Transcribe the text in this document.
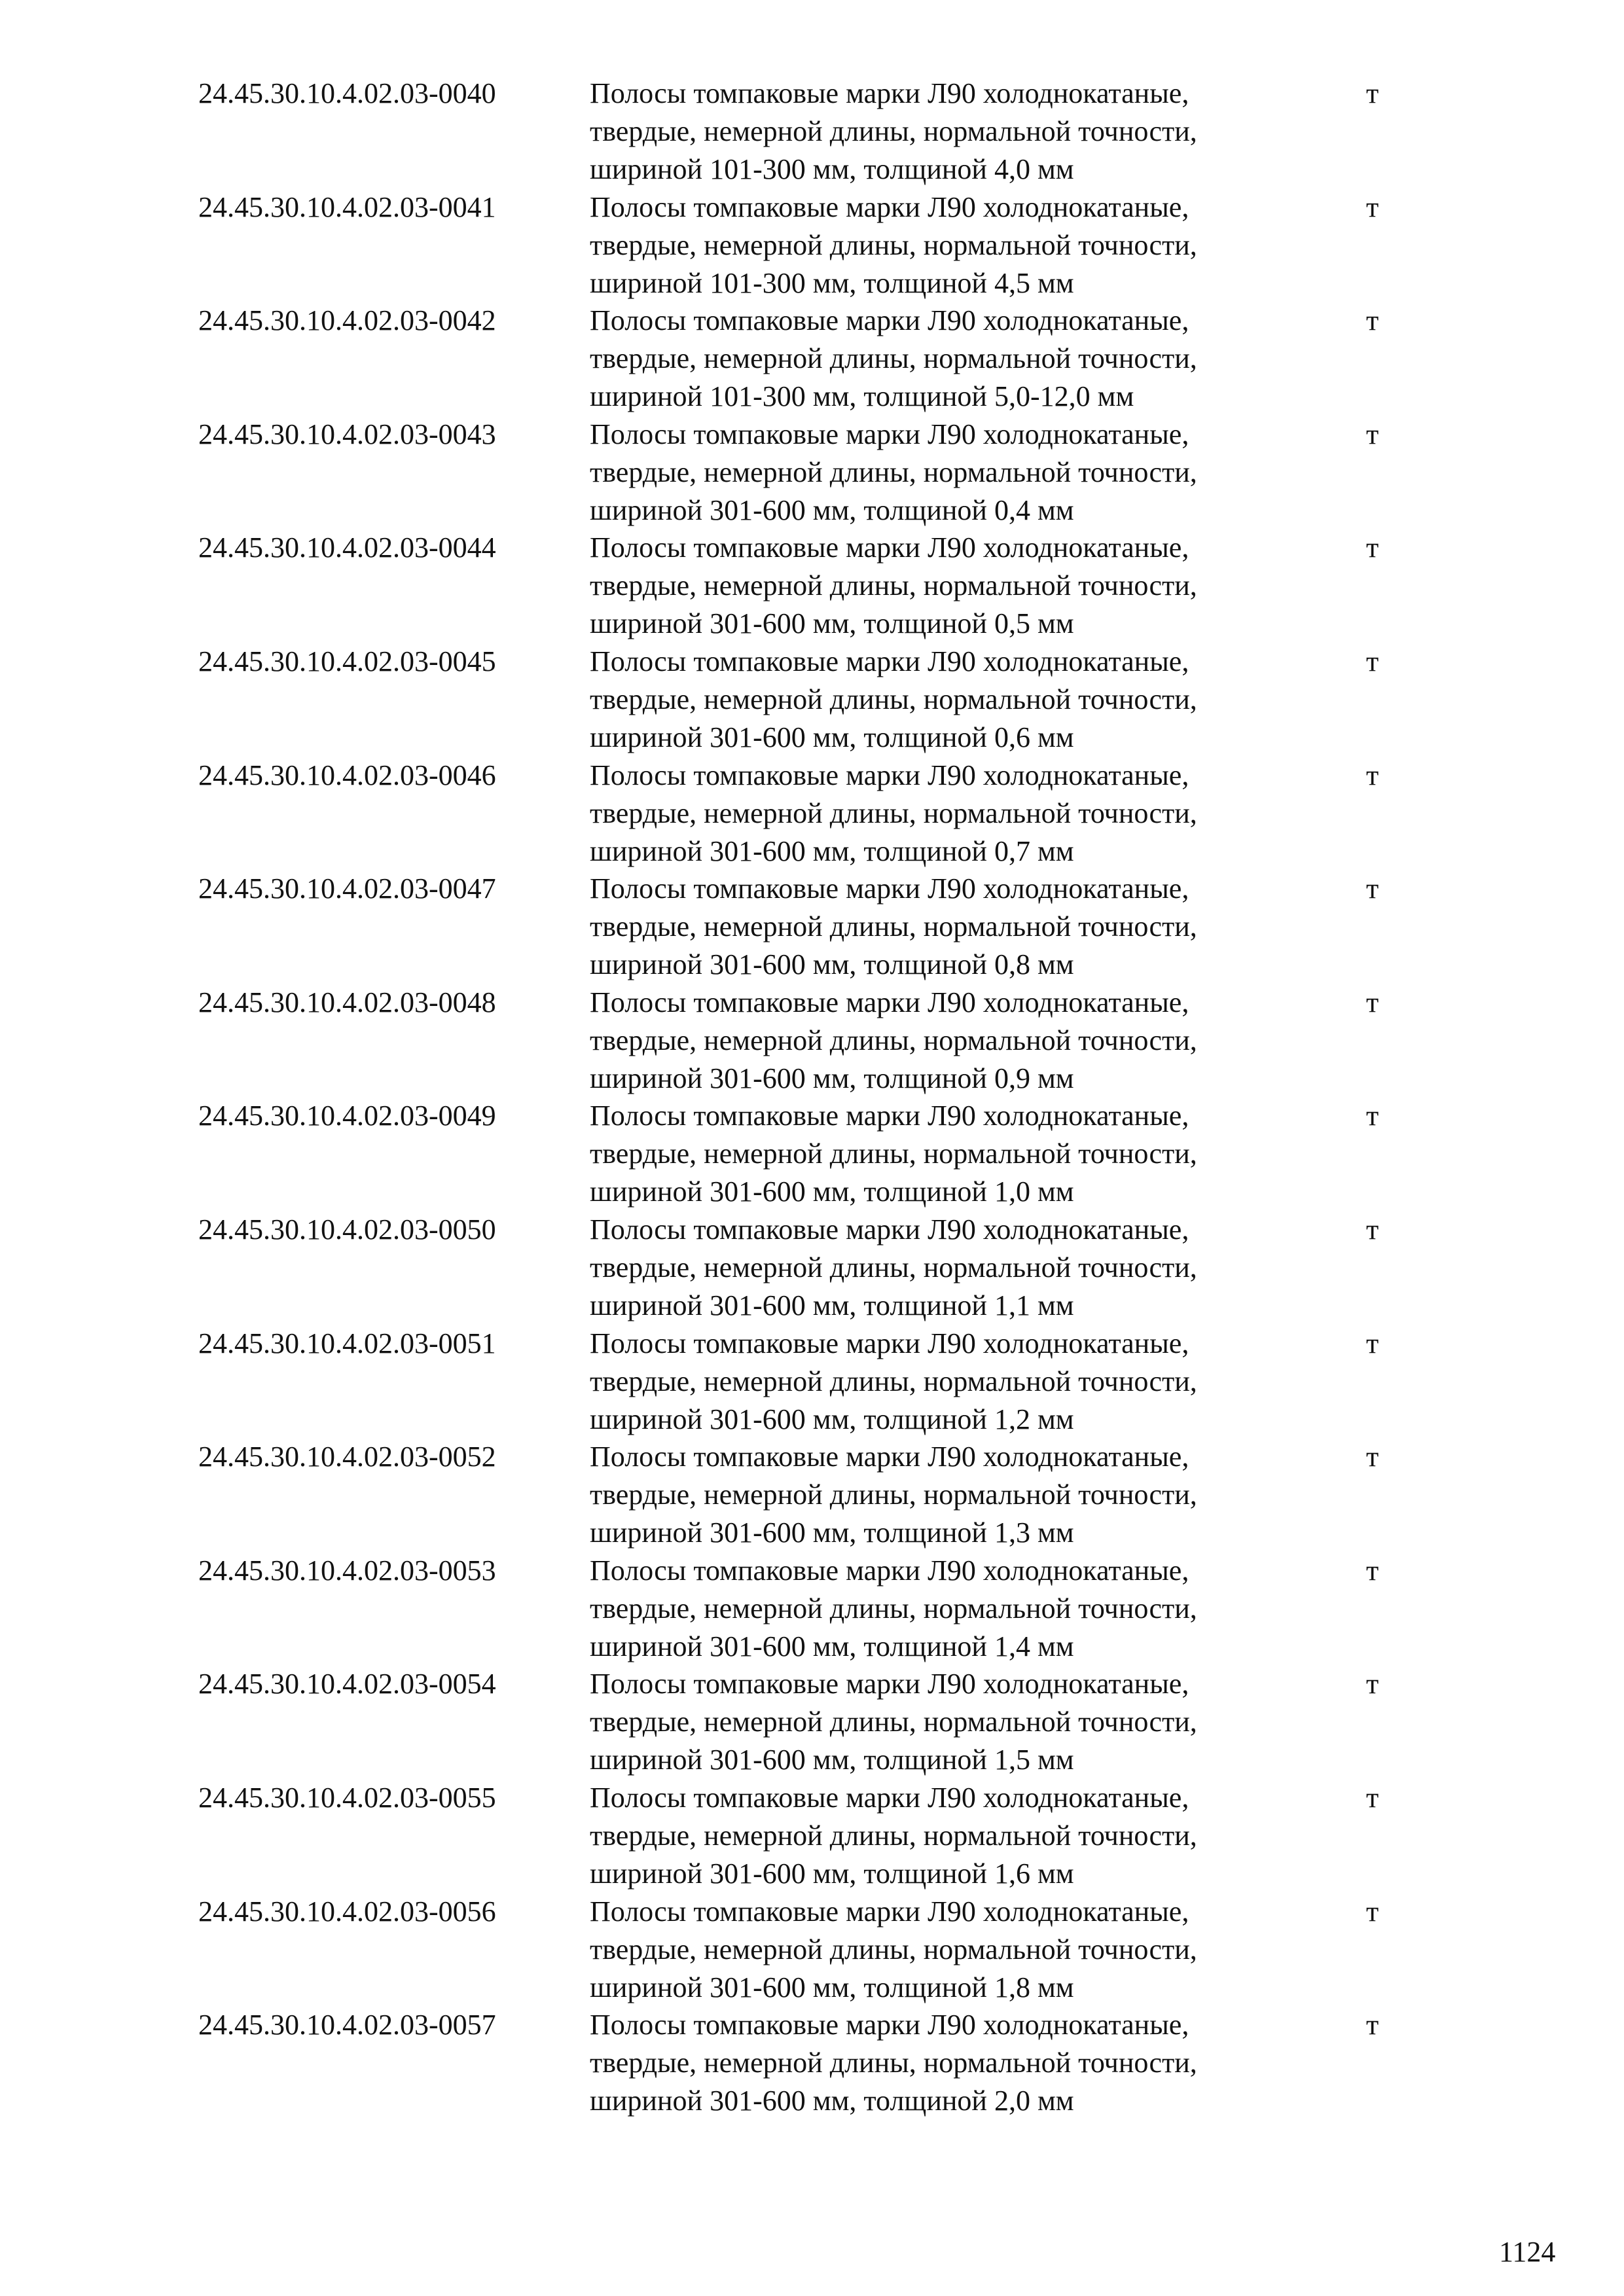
24.45.30.10.4.02.03-0040	Полосы томпаковые марки Л90 холоднокатаные,
твердые, немерной длины, нормальной точности,
шириной 101-300 мм, толщиной 4,0 мм
т
24.45.30.10.4.02.03-0041	Полосы томпаковые марки Л90 холоднокатаные,
твердые, немерной длины, нормальной точности,
шириной 101-300 мм, толщиной 4,5 мм
т
24.45.30.10.4.02.03-0042	Полосы томпаковые марки Л90 холоднокатаные,
твердые, немерной длины, нормальной точности,
шириной 101-300 мм, толщиной 5,0-12,0 мм
т
24.45.30.10.4.02.03-0043	Полосы томпаковые марки Л90 холоднокатаные,
твердые, немерной длины, нормальной точности,
шириной 301-600 мм, толщиной 0,4 мм
т
24.45.30.10.4.02.03-0044	Полосы томпаковые марки Л90 холоднокатаные,
твердые, немерной длины, нормальной точности,
шириной 301-600 мм, толщиной 0,5 мм
т
24.45.30.10.4.02.03-0045	Полосы томпаковые марки Л90 холоднокатаные,
твердые, немерной длины, нормальной точности,
шириной 301-600 мм, толщиной 0,6 мм
т
24.45.30.10.4.02.03-0046	Полосы томпаковые марки Л90 холоднокатаные,
твердые, немерной длины, нормальной точности,
шириной 301-600 мм, толщиной 0,7 мм
т
24.45.30.10.4.02.03-0047	Полосы томпаковые марки Л90 холоднокатаные,
твердые, немерной длины, нормальной точности,
шириной 301-600 мм, толщиной 0,8 мм
т
24.45.30.10.4.02.03-0048	Полосы томпаковые марки Л90 холоднокатаные,
твердые, немерной длины, нормальной точности,
шириной 301-600 мм, толщиной 0,9 мм
т
24.45.30.10.4.02.03-0049	Полосы томпаковые марки Л90 холоднокатаные,
твердые, немерной длины, нормальной точности,
шириной 301-600 мм, толщиной 1,0 мм
т
24.45.30.10.4.02.03-0050	Полосы томпаковые марки Л90 холоднокатаные,
твердые, немерной длины, нормальной точности,
шириной 301-600 мм, толщиной 1,1 мм
т
24.45.30.10.4.02.03-0051	Полосы томпаковые марки Л90 холоднокатаные,
твердые, немерной длины, нормальной точности,
шириной 301-600 мм, толщиной 1,2 мм
т
24.45.30.10.4.02.03-0052	Полосы томпаковые марки Л90 холоднокатаные,
твердые, немерной длины, нормальной точности,
шириной 301-600 мм, толщиной 1,3 мм
т
24.45.30.10.4.02.03-0053	Полосы томпаковые марки Л90 холоднокатаные,
твердые, немерной длины, нормальной точности,
шириной 301-600 мм, толщиной 1,4 мм
т
24.45.30.10.4.02.03-0054	Полосы томпаковые марки Л90 холоднокатаные,
твердые, немерной длины, нормальной точности,
шириной 301-600 мм, толщиной 1,5 мм
т
24.45.30.10.4.02.03-0055	Полосы томпаковые марки Л90 холоднокатаные,
твердые, немерной длины, нормальной точности,
шириной 301-600 мм, толщиной 1,6 мм
т
24.45.30.10.4.02.03-0056	Полосы томпаковые марки Л90 холоднокатаные,
твердые, немерной длины, нормальной точности,
шириной 301-600 мм, толщиной 1,8 мм
т
24.45.30.10.4.02.03-0057	Полосы томпаковые марки Л90 холоднокатаные,
твердые, немерной длины, нормальной точности,
шириной 301-600 мм, толщиной 2,0 мм
т
1124
